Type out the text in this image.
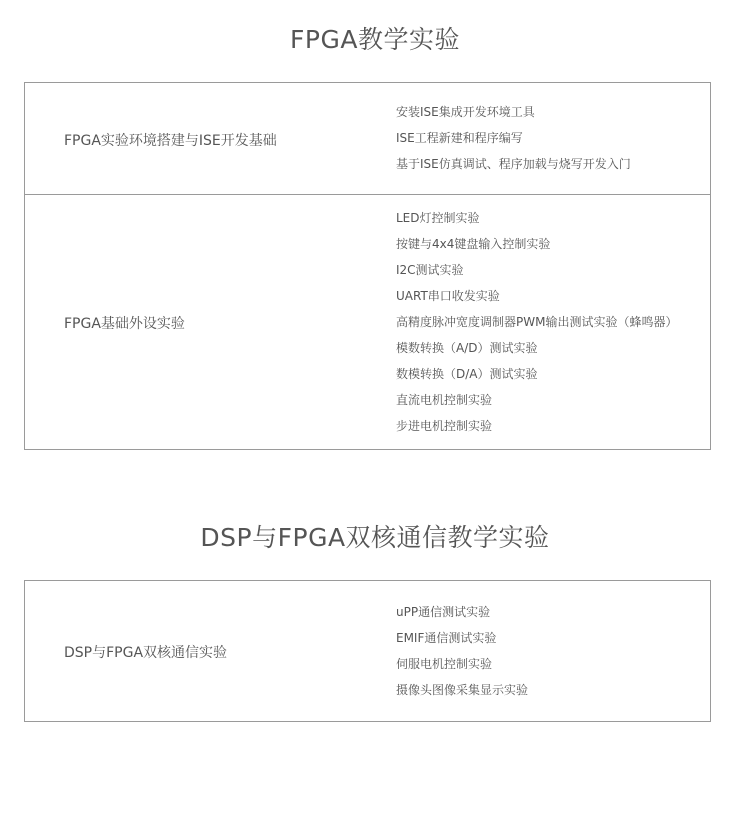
FPGA教学实验
FPGA实验环境搭建与ISE开发基础
安装ISE集成开发环境工具
ISE工程新建和程序编写
基于ISE仿真调试、程序加载与烧写开发入门
FPGA基础外设实验
LED灯控制实验
按键与4x4键盘输入控制实验
I2C测试实验
UART串口收发实验
高精度脉冲宽度调制器PWM输出测试实验（蜂鸣器）
模数转换（A/D）测试实验
数模转换（D/A）测试实验
直流电机控制实验
步进电机控制实验
DSP与FPGA双核通信教学实验
DSP与FPGA双核通信实验
uPP通信测试实验
EMIF通信测试实验
伺服电机控制实验
摄像头图像采集显示实验
